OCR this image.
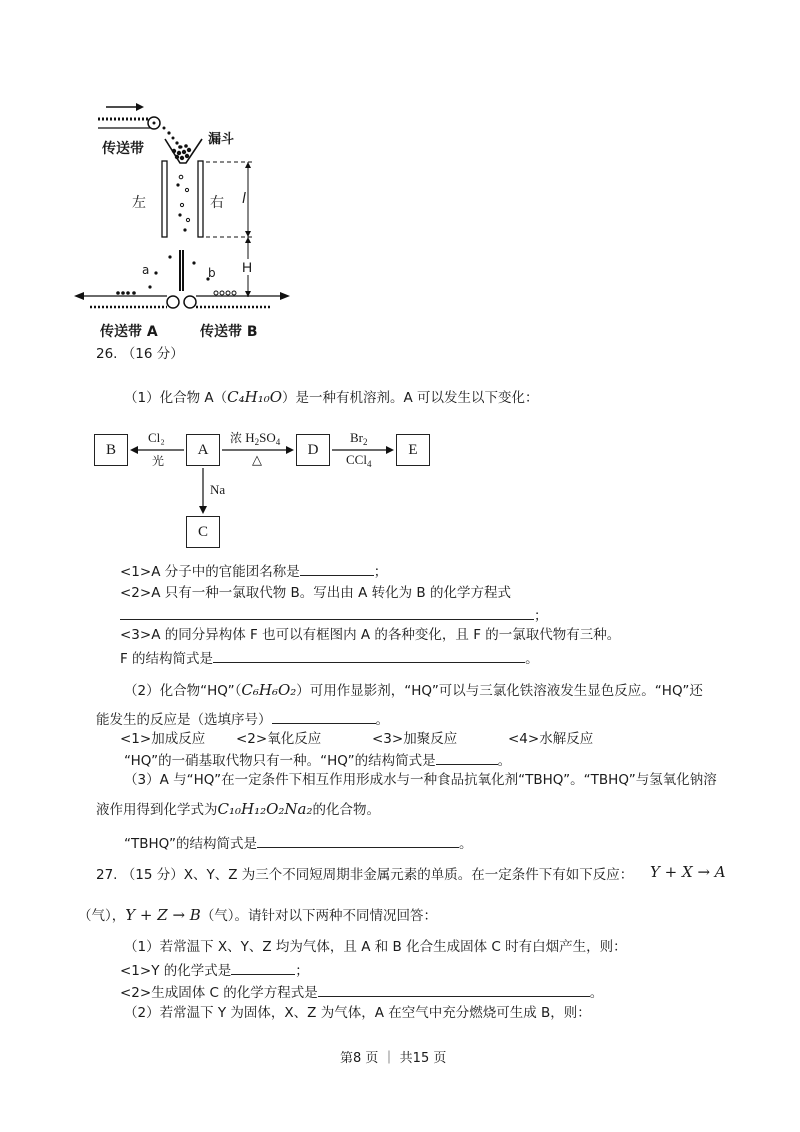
漏斗
传送带
左	右 l
H
a	b
传送带 A	传送带 B
26. （16 分）
（1）化合物 A（C₄H₁₀O）是一种有机溶剂。A 可以发生以下变化：
B	A	D	E
C
Cl₂
光
浓 $H_2SO_4$
△
$Br_2$
CCl$_4$
Na
<1>A 分子中的官能团名称是	；
<2>A 只有一种一氯取代物 B。写出由 A 转化为 B 的化学方程式
；
<3>A 的同分异构体 F 也可以有框图内 A 的各种变化，且 F 的一氯取代物有三种。
F 的结构简式是	。
（2）化合物“HQ”（C₆H₆O₂）可用作显影剂，“HQ”可以与三氯化铁溶液发生显色反应。“HQ”还
能发生的反应是（选填序号）	。
<1>加成反应 <2>氧化反应	<3>加聚反应	<4>水解反应
“HQ”的一硝基取代物只有一种。“HQ”的结构简式是	。
（3）A 与“HQ”在一定条件下相互作用形成水与一种食品抗氧化剂“TBHQ”。“TBHQ”与氢氧化钠溶
液作用得到化学式为C₁₀H₁₂O₂Na₂的化合物。
“TBHQ”的结构简式是	。
27. （15 分）X、Y、Z 为三个不同短周期非金属元素的单质。在一定条件下有如下反应： Y + X → A
（气），Y + Z → B（气）。请针对以下两种不同情况回答：
（1）若常温下 X、Y、Z 均为气体，且 A 和 B 化合生成固体 C 时有白烟产生，则：
<1>Y 的化学式是	；
<2>生成固体 C 的化学方程式是	。
（2）若常温下 Y 为固体，X、Z 为气体，A 在空气中充分燃烧可生成 B，则：
第8 页 ｜ 共15 页
